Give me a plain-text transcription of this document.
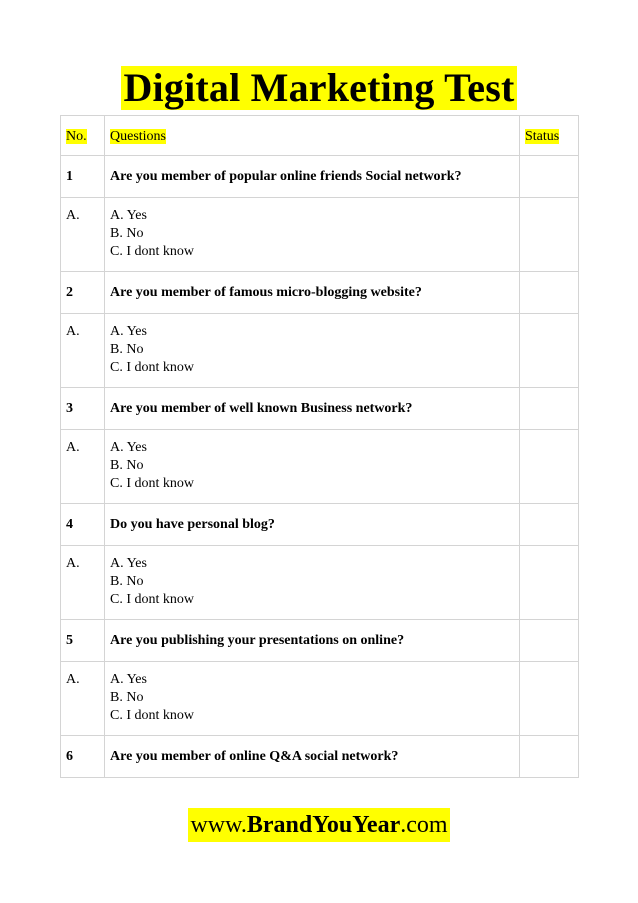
Digital Marketing Test
No.	Questions	Status
1	Are you member of popular online friends Social network?	
A.	A. Yes
B. No
C. I dont know	

2	Are you member of famous micro-blogging website?	
A.	A. Yes
B. No
C. I dont know	

3	Are you member of well known Business network?	
A.	A. Yes
B. No
C. I dont know	

4	Do you have personal blog?	
A.	A. Yes
B. No
C. I dont know	

5	Are you publishing your presentations on online?	
A.	A. Yes
B. No
C. I dont know	

6	Are you member of online Q&A social network?	
www.BrandYouYear.com
